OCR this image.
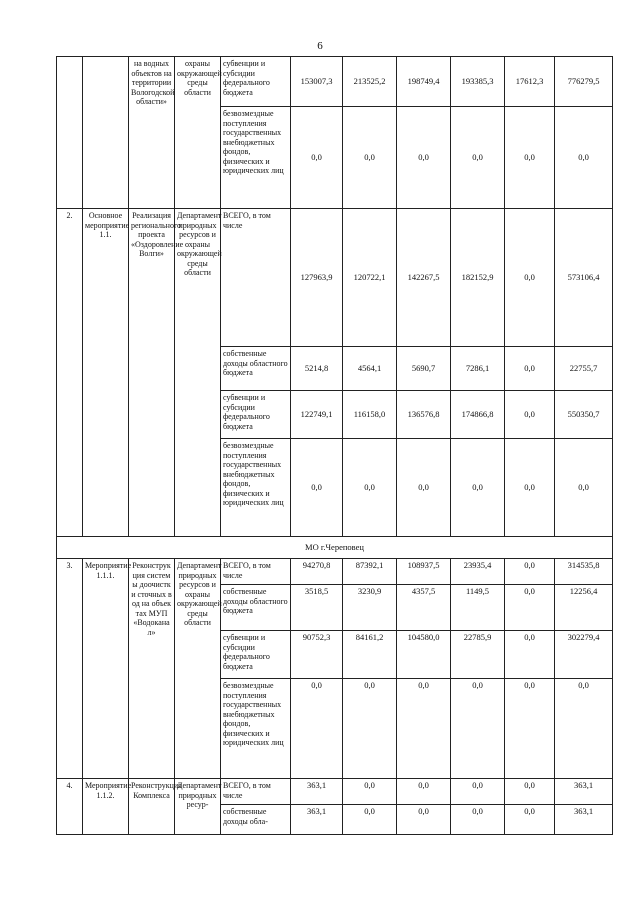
6
		на водных объектов на территории Вологодской области»	охраны окружающей среды области	субвенции и субсидии федерального бюджета	153007,3	213525,2	198749,4	193385,3	17612,3	776279,5
				безвозмездные поступления государственных внебюджетных фондов, физических и юридических лиц	0,0	0,0	0,0	0,0	0,0	0,0
2.	Основное мероприятие 1.1.	Реализация регионального проекта «Оздоровление Волги»	Департамент природных ресурсов и охраны окружающей среды области	ВСЕГО, в том числе	127963,9	120722,1	142267,5	182152,9	0,0	573106,4
				собственные доходы областного бюджета	5214,8	4564,1	5690,7	7286,1	0,0	22755,7
				субвенции и субсидии федерального бюджета	122749,1	116158,0	136576,8	174866,8	0,0	550350,7
				безвозмездные поступления государственных внебюджетных фондов, физических и юридических лиц	0,0	0,0	0,0	0,0	0,0	0,0
МО г.Череповец										
3.	Мероприятие 1.1.1.	Реконструкция системы доочистки сточных вод на объектах МУП «Водоканал»	Департамент природных ресурсов и охраны окружающей среды области	ВСЕГО, в том числе	94270,8	87392,1	108937,5	23935,4	0,0	314535,8
				собственные доходы областного бюджета	3518,5	3230,9	4357,5	1149,5	0,0	12256,4
				субвенции и субсидии федерального бюджета	90752,3	84161,2	104580,0	22785,9	0,0	302279,4
				безвозмездные поступления государственных внебюджетных фондов, физических и юридических лиц	0,0	0,0	0,0	0,0	0,0	0,0
4.	Мероприятие 1.1.2.	Реконструкция Комплекса	Департамент природных ресур-	ВСЕГО, в том числе	363,1	0,0	0,0	0,0	0,0	363,1
				собственные доходы обла-	363,1	0,0	0,0	0,0	0,0	363,1
